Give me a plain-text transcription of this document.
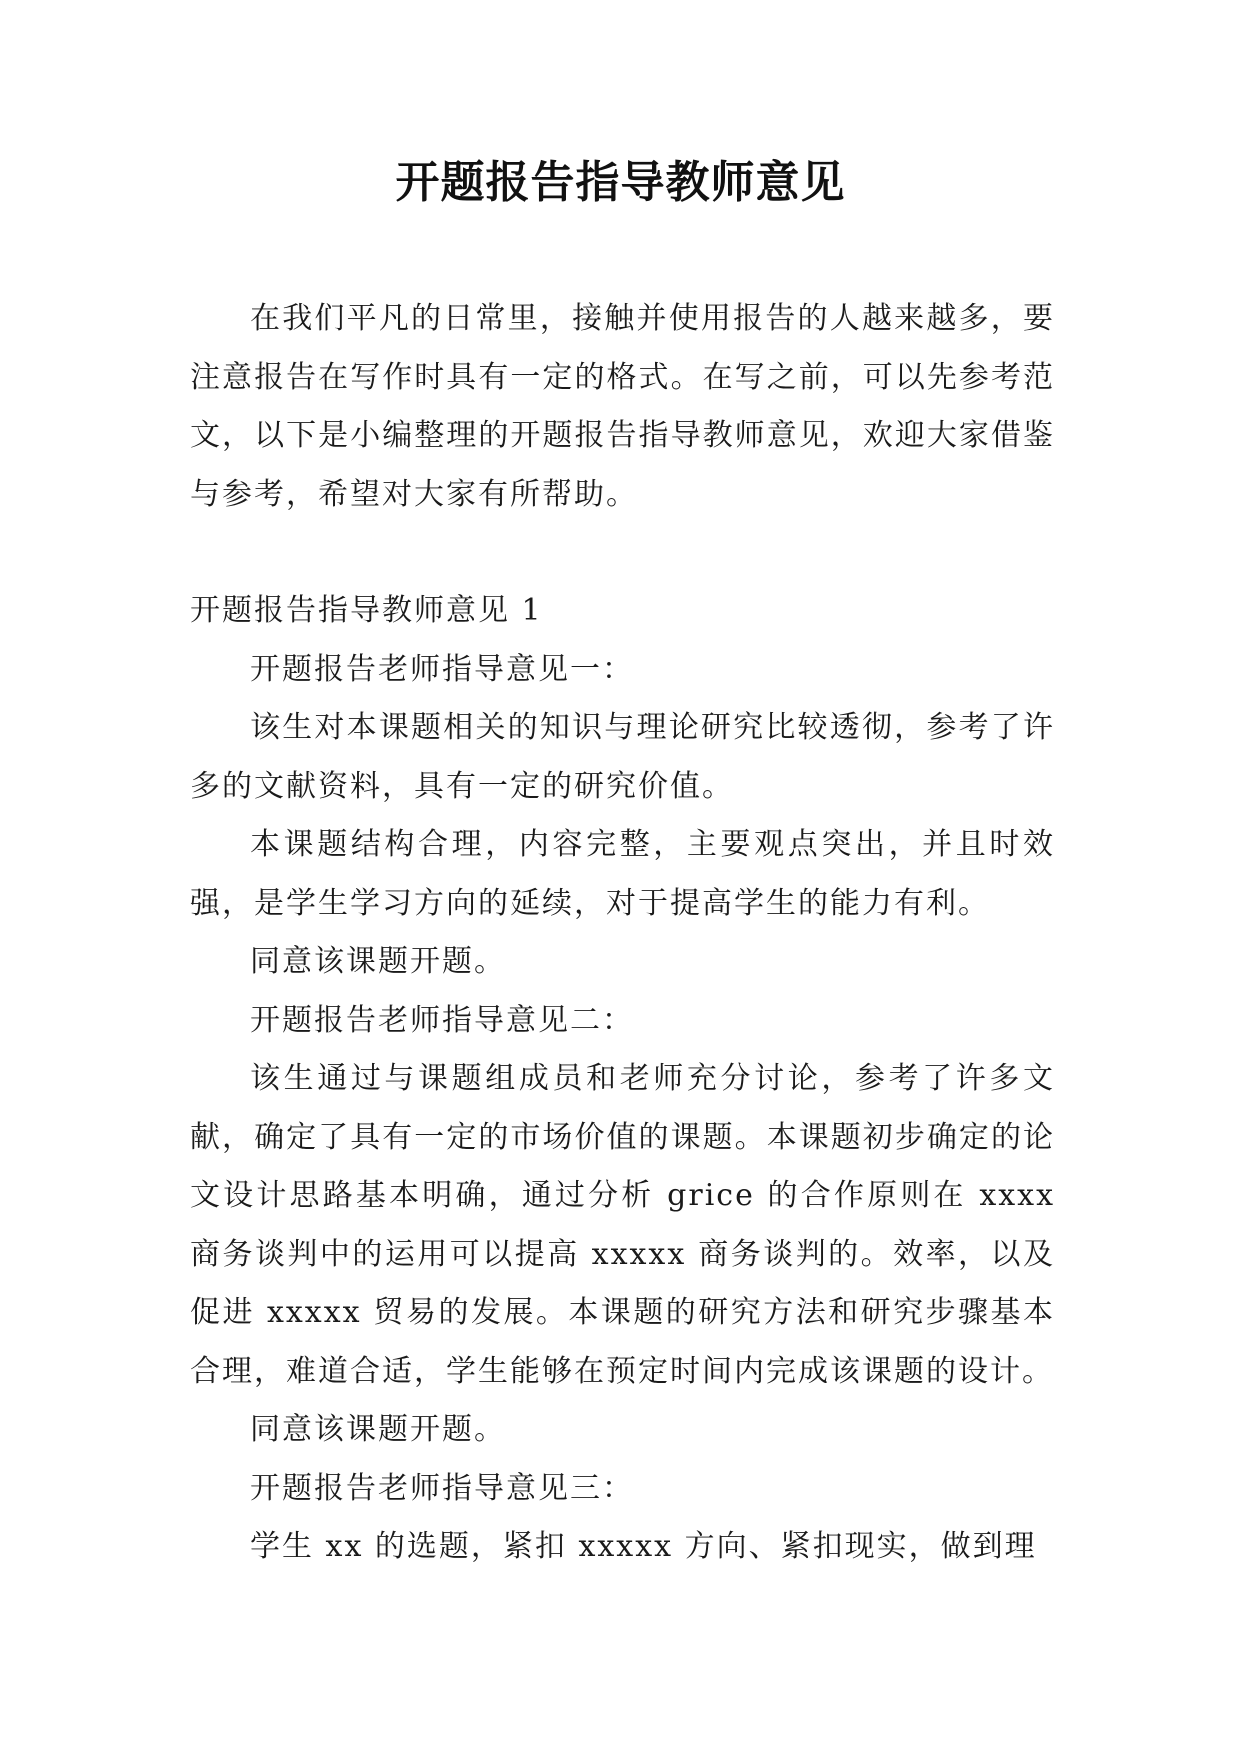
开题报告指导教师意见

在我们平凡的日常里，接触并使用报告的人越来越多，要注意报告在写作时具有一定的格式。在写之前，可以先参考范文，以下是小编整理的开题报告指导教师意见，欢迎大家借鉴与参考，希望对大家有所帮助。

开题报告指导教师意见 1

开题报告老师指导意见一：

该生对本课题相关的知识与理论研究比较透彻，参考了许多的文献资料，具有一定的研究价值。

本课题结构合理，内容完整，主要观点突出，并且时效强，是学生学习方向的延续，对于提高学生的能力有利。

同意该课题开题。

开题报告老师指导意见二：

该生通过与课题组成员和老师充分讨论，参考了许多文献，确定了具有一定的市场价值的课题。本课题初步确定的论文设计思路基本明确，通过分析 grice 的合作原则在 xxxx 商务谈判中的运用可以提高 xxxxx 商务谈判的。效率，以及促进 xxxxx 贸易的发展。本课题的研究方法和研究步骤基本合理，难道合适，学生能够在预定时间内完成该课题的设计。

同意该课题开题。

开题报告老师指导意见三：

学生 xx 的选题，紧扣 xxxxx 方向、紧扣现实，做到理
